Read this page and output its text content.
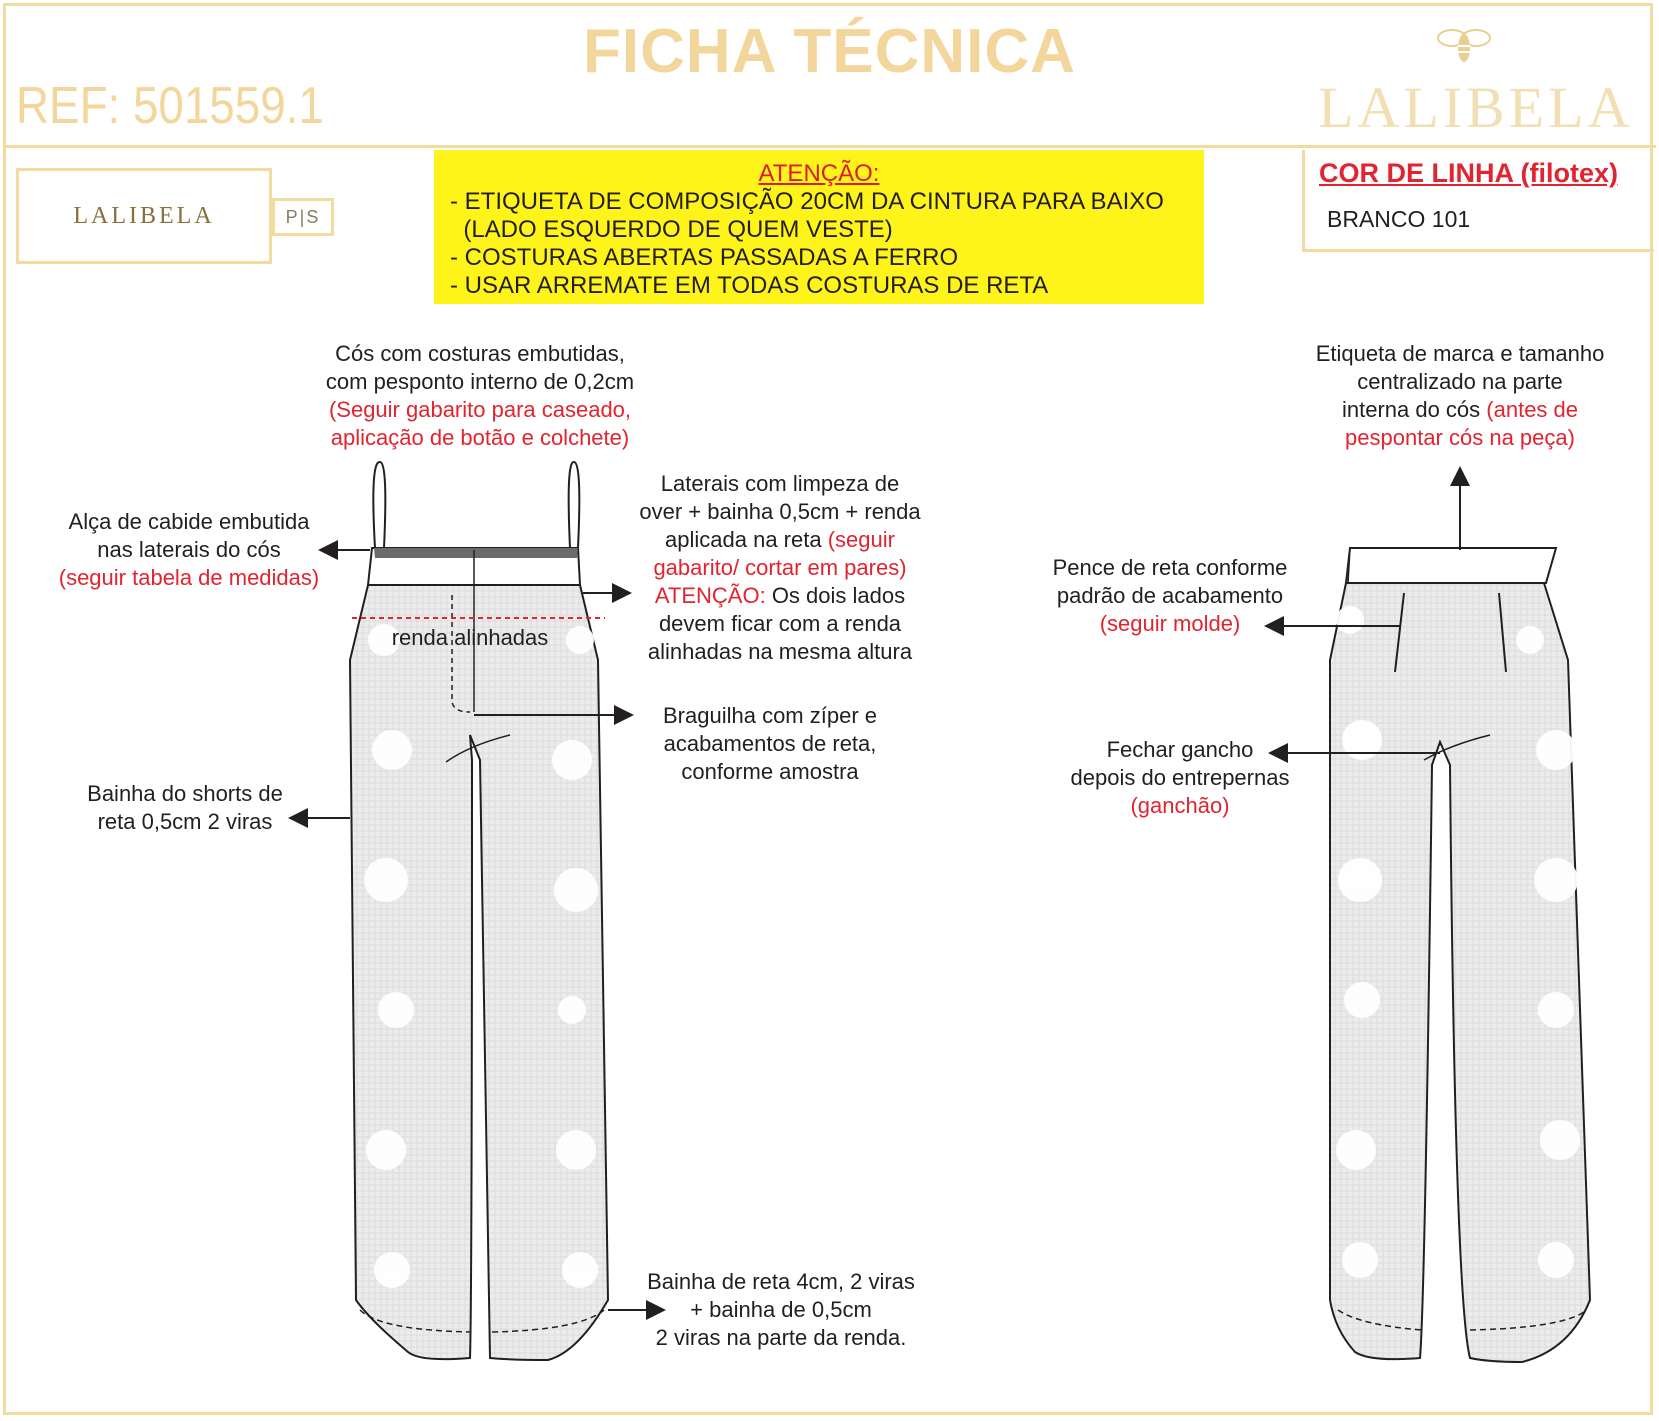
FICHA TÉCNICA
REF: 501559.1	LALIBELA
LALIBELA	P|S
ATENÇÃO:
- ETIQUETA DE COMPOSIÇÃO 20CM DA CINTURA PARA BAIXO
(LADO ESQUERDO DE QUEM VESTE)
- COSTURAS ABERTAS PASSADAS A FERRO
- USAR ARREMATE EM TODAS COSTURAS DE RETA
COR DE LINHA (filotex)
BRANCO 101
Cós com costuras embutidas,
com pesponto interno de 0,2cm
(Seguir gabarito para caseado,
aplicação de botão e colchete)
Alça de cabide embutida
nas laterais do cós
(seguir tabela de medidas)
Laterais com limpeza de
over + bainha 0,5cm + renda
aplicada na reta (seguir
gabarito/ cortar em pares)
ATENÇÃO: Os dois lados
devem ficar com a renda
alinhadas na mesma altura
renda alinhadas
Braguilha com zíper e
acabamentos de reta,
conforme amostra
Bainha do shorts de
reta 0,5cm 2 viras
Bainha de reta 4cm, 2 viras
+ bainha de 0,5cm
2 viras na parte da renda.
Etiqueta de marca e tamanho
centralizado na parte
interna do cós (antes de
pespontar cós na peça)
Pence de reta conforme
padrão de acabamento
(seguir molde)
Fechar gancho
depois do entrepernas
(ganchão)
